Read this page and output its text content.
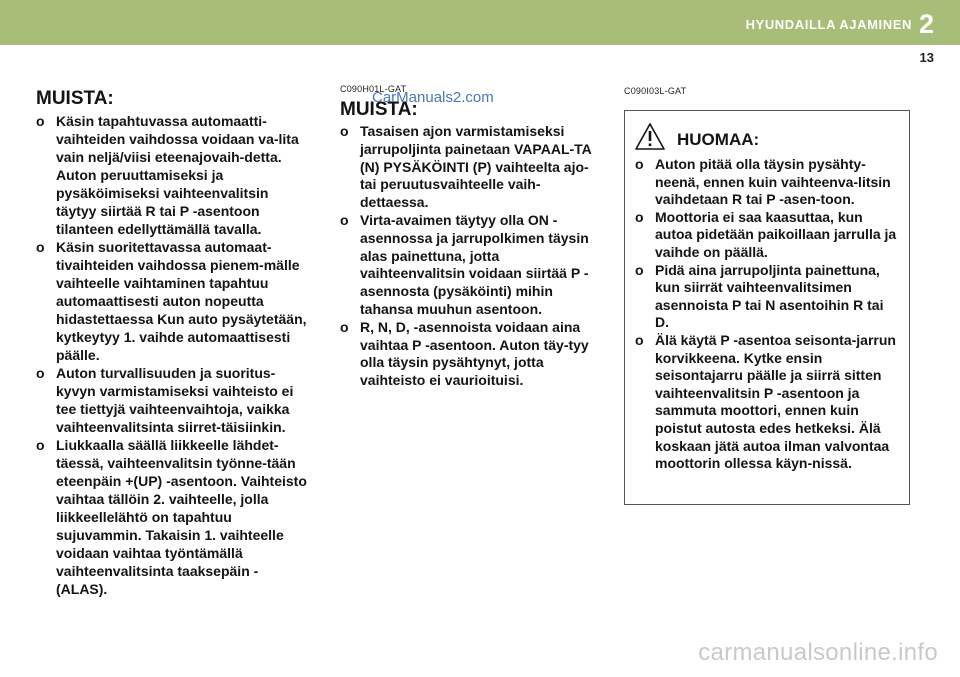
HYUNDAILLA AJAMINEN 2
13
MUISTA:
o Käsin tapahtuvassa automaatti-vaihteiden vaihdossa voidaan va-lita vain neljä/viisi eteenajovaih-detta. Auton peruuttamiseksi ja pysäköimiseksi vaihteenvalitsin täytyy siirtää R tai P -asentoon tilanteen edellyttämällä tavalla.
o Käsin suoritettavassa automaat-tivaihteiden vaihdossa pienem-mälle vaihteelle vaihtaminen tapahtuu automaattisesti auton nopeutta hidastettaessa Kun auto pysäytetään, kytkeytyy 1. vaihde automaattisesti päälle.
o Auton turvallisuuden ja suoritus-kyvyn varmistamiseksi vaihteisto ei tee tiettyjä vaihteenvaihtoja, vaikka vaihteenvalitsinta siirret-täisiinkin.
o Liukkaalla säällä liikkeelle lähdet-täessä, vaihteenvalitsin työnne-tään eteenpäin +(UP) -asentoon. Vaihteisto vaihtaa tällöin 2. vaihteelle, jolla liikkeellelähtö on tapahtuu sujuvammin. Takaisin 1. vaihteelle voidaan vaihtaa työntämällä vaihteenvalitsinta taaksepäin -(ALAS).
C090H01L-GAT
MUISTA:
o Tasaisen ajon varmistamiseksi jarrupoljinta painetaan VAPAAL-TA (N) PYSÄKÖINTI (P) vaihteelta ajo- tai peruutusvaihteelle vaih-dettaessa.
o Virta-avaimen täytyy olla ON -asennossa ja jarrupolkimen täysin alas painettuna, jotta vaihteenvalitsin voidaan siirtää P -asennosta (pysäköinti) mihin tahansa muuhun asentoon.
o R, N, D, -asennoista voidaan aina vaihtaa P -asentoon. Auton täy-tyy olla täysin pysähtynyt, jotta vaihteisto ei vaurioituisi.
CarManuals2.com	C090I03L-GAT
HUOMAA:
o Auton pitää olla täysin pysähty-neenä, ennen kuin vaihteenva-litsin vaihdetaan R tai P -asen-toon.
o Moottoria ei saa kaasuttaa, kun autoa pidetään paikoillaan jarrulla ja vaihde on päällä.
o Pidä aina jarrupoljinta painettuna, kun siirrät vaihteenvalitsimen asennoista P tai N asentoihin R tai D.
o Älä käytä P -asentoa seisonta-jarrun korvikkeena. Kytke ensin seisontajarru päälle ja siirrä sitten vaihteenvalitsin P -asentoon ja sammuta moottori, ennen kuin poistut autosta edes hetkeksi. Älä koskaan jätä autoa ilman valvontaa moottorin ollessa käyn-nissä.
carmanualsonline.info
